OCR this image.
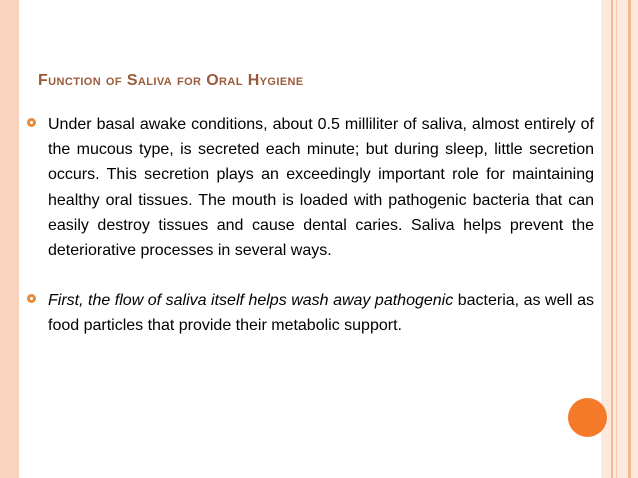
Function of Saliva for Oral Hygiene
Under basal awake conditions, about 0.5 milliliter of saliva, almost entirely of the mucous type, is secreted each minute; but during sleep, little secretion occurs. This secretion plays an exceedingly important role for maintaining healthy oral tissues. The mouth is loaded with pathogenic bacteria that can easily destroy tissues and cause dental caries. Saliva helps prevent the deteriorative processes in several ways.
First, the flow of saliva itself helps wash away pathogenic bacteria, as well as food particles that provide their metabolic support.
